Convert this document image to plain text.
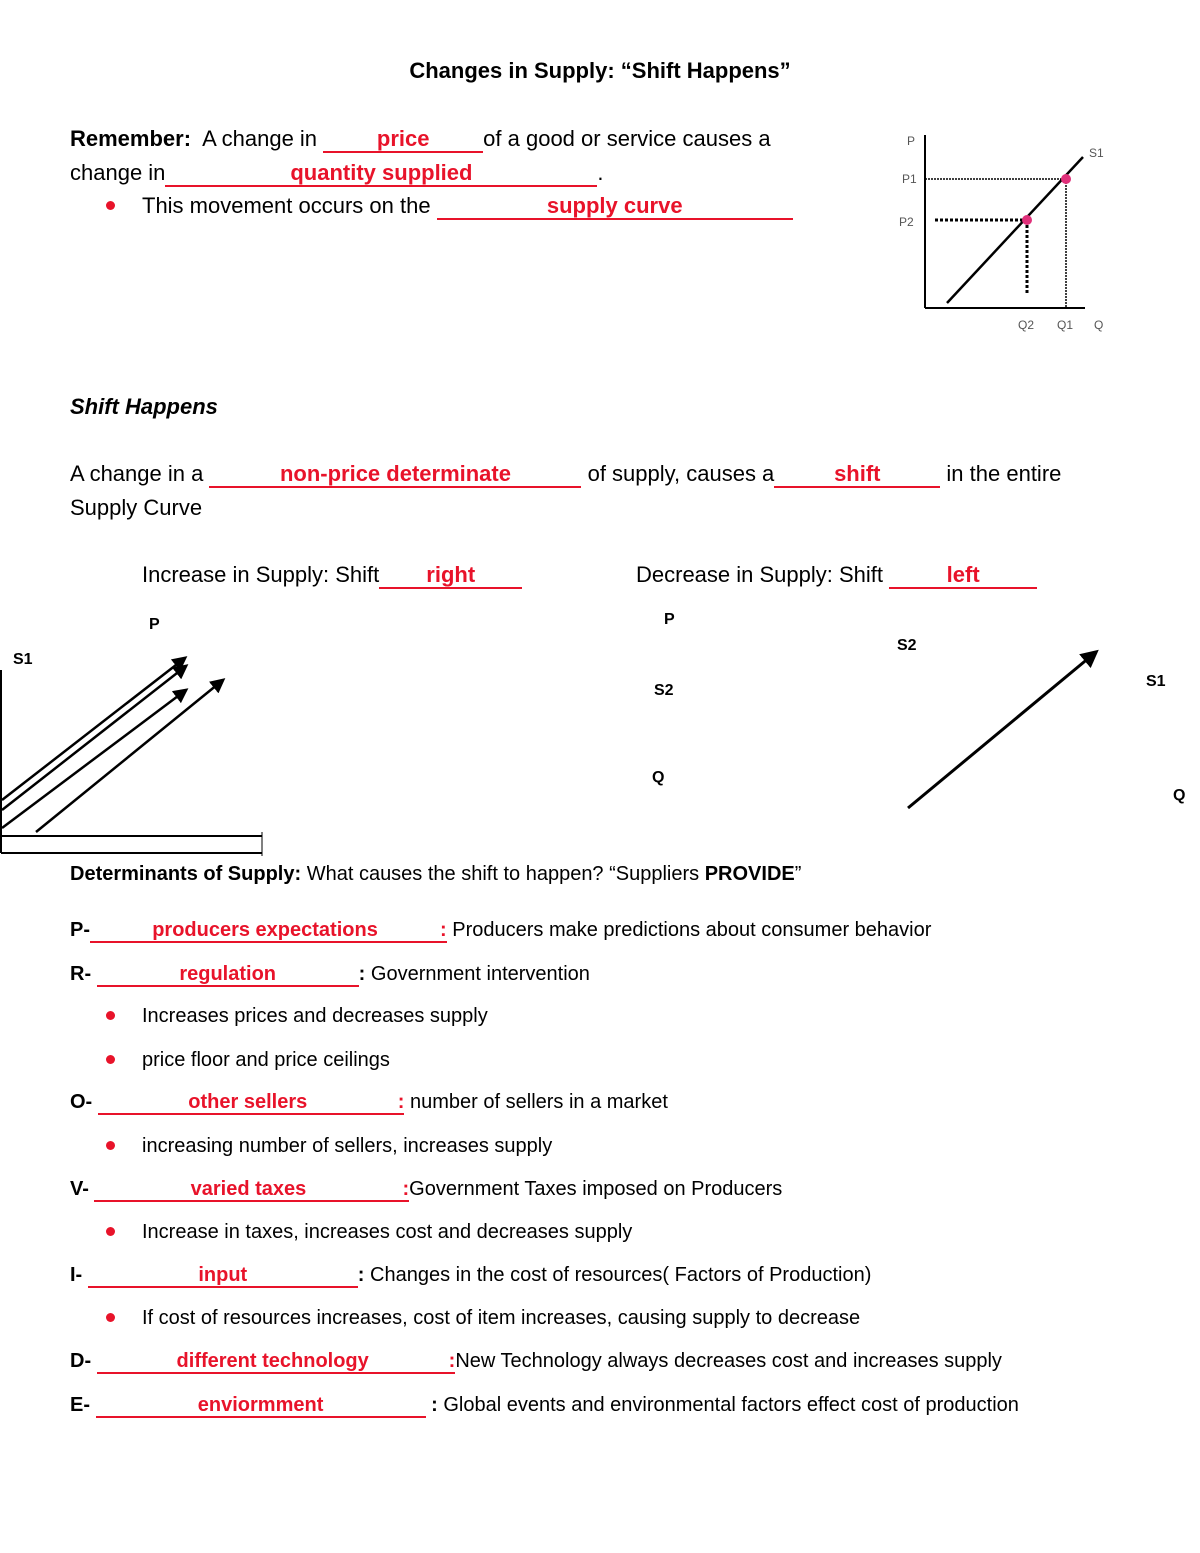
Changes in Supply: “Shift Happens”
Remember: A change in	price of a good or service causes a
change in	quantity supplied	.
This movement occurs on the	supply curve
P
P1
P2
S1
Q2 Q1 Q
Shift Happens
A change in a	non-price determinate	of supply, causes a	shift	in the entire
Supply Curve
Increase in Supply: Shift right	Decrease in Supply: Shift	left
P
S1
P
S2
Q
S2
S1
Q
Determinants of Supply: What causes the shift to happen? “Suppliers PROVIDE”
P-	producers expectations	: Producers make predictions about consumer behavior
R-	regulation	: Government intervention
Increases prices and decreases supply
price floor and price ceilings
O-	other sellers	: number of sellers in a market
increasing number of sellers, increases supply
V-	varied taxes	:Government Taxes imposed on Producers
Increase in taxes, increases cost and decreases supply
I-	input	: Changes in the cost of resources( Factors of Production)
If cost of resources increases, cost of item increases, causing supply to decrease
D-	different technology	:New Technology always decreases cost and increases supply
E-	enviormment	: Global events and environmental factors effect cost of production
